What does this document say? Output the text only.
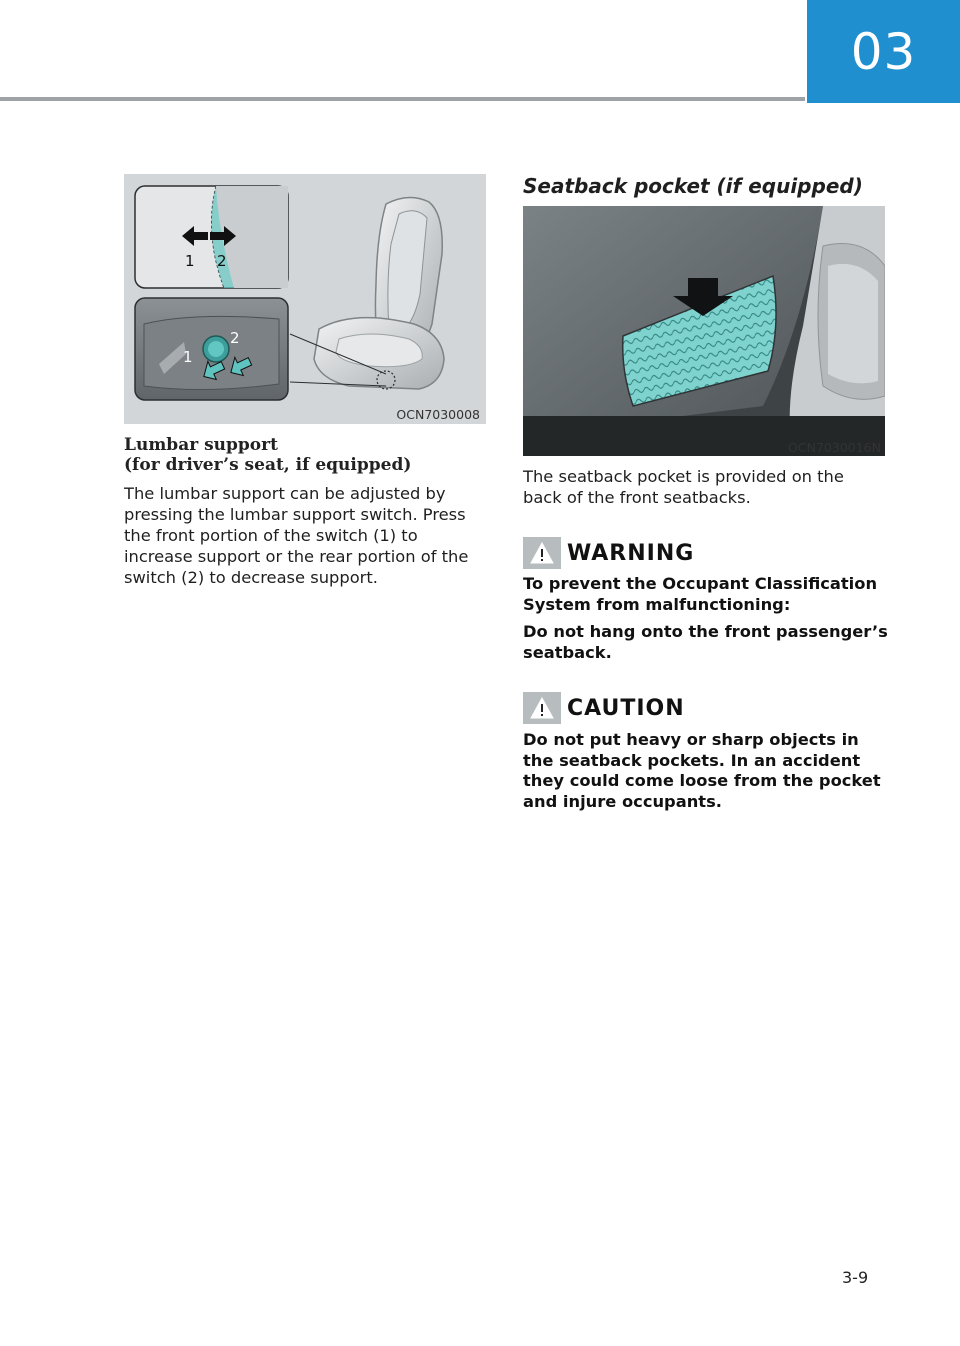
03
1 2
1
2
OCN7030008
Lumbar support
(for driver’s seat, if equipped)

The lumbar support can be adjusted by pressing the lumbar support switch. Press the front portion of the switch (1) to increase support or the rear portion of the switch (2) to decrease support.

Seatback pocket (if equipped)
OCN7030016N

The seatback pocket is provided on the back of the front seatbacks.

WARNING

To prevent the Occupant Classification System from malfunctioning:

Do not hang onto the front passenger’s seatback.

CAUTION

Do not put heavy or sharp objects in the seatback pockets. In an accident they could come loose from the pocket and injure occupants.

3-9
